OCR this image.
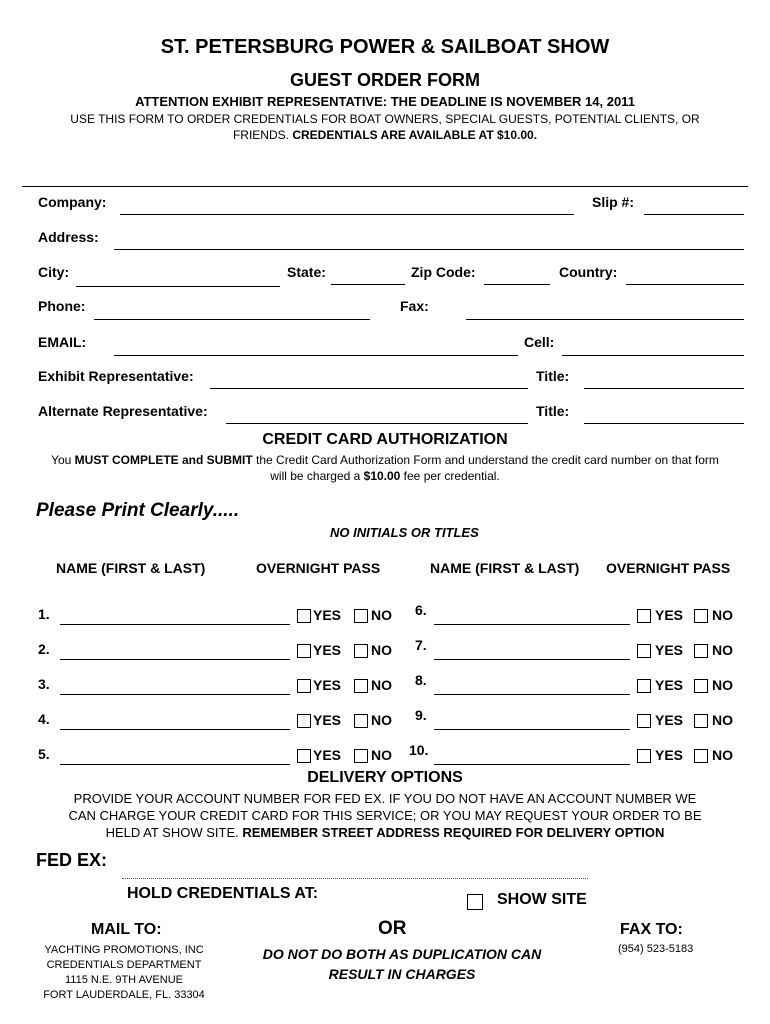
ST. PETERSBURG POWER & SAILBOAT SHOW
GUEST ORDER FORM
ATTENTION EXHIBIT REPRESENTATIVE: THE DEADLINE IS NOVEMBER 14, 2011
USE THIS FORM TO ORDER CREDENTIALS FOR BOAT OWNERS, SPECIAL GUESTS, POTENTIAL CLIENTS, OR
FRIENDS. CREDENTIALS ARE AVAILABLE AT $10.00.
Company:	Slip #:
Address:
City:	State:	Zip Code:	Country:
Phone:	Fax:
EMAIL:	Cell:
Exhibit Representative:	Title:
Alternate Representative:	Title:
CREDIT CARD AUTHORIZATION
You MUST COMPLETE and SUBMIT the Credit Card Authorization Form and understand the credit card number on that form
will be charged a $10.00 fee per credential.
Please Print Clearly.....
NO INITIALS OR TITLES
NAME (FIRST & LAST)	OVERNIGHT PASS	NAME (FIRST & LAST) OVERNIGHT PASS
1.	YES NO 6.	YES NO
2.	YES NO 7.	YES NO
3.	YES NO 8.	YES NO
4.	YES NO 9.	YES NO
5.	YES NO 10.	YES NO
DELIVERY OPTIONS
PROVIDE YOUR ACCOUNT NUMBER FOR FED EX. IF YOU DO NOT HAVE AN ACCOUNT NUMBER WE
CAN CHARGE YOUR CREDIT CARD FOR THIS SERVICE; OR YOU MAY REQUEST YOUR ORDER TO BE
HELD AT SHOW SITE. REMEMBER STREET ADDRESS REQUIRED FOR DELIVERY OPTION
FED EX:
HOLD CREDENTIALS AT:	SHOW SITE
MAIL TO:
YACHTING PROMOTIONS, INC
CREDENTIALS DEPARTMENT
1115 N.E. 9TH AVENUE
FORT LAUDERDALE, FL. 33304
OR
DO NOT DO BOTH AS DUPLICATION CAN
RESULT IN CHARGES
FAX TO:
(954) 523-5183
